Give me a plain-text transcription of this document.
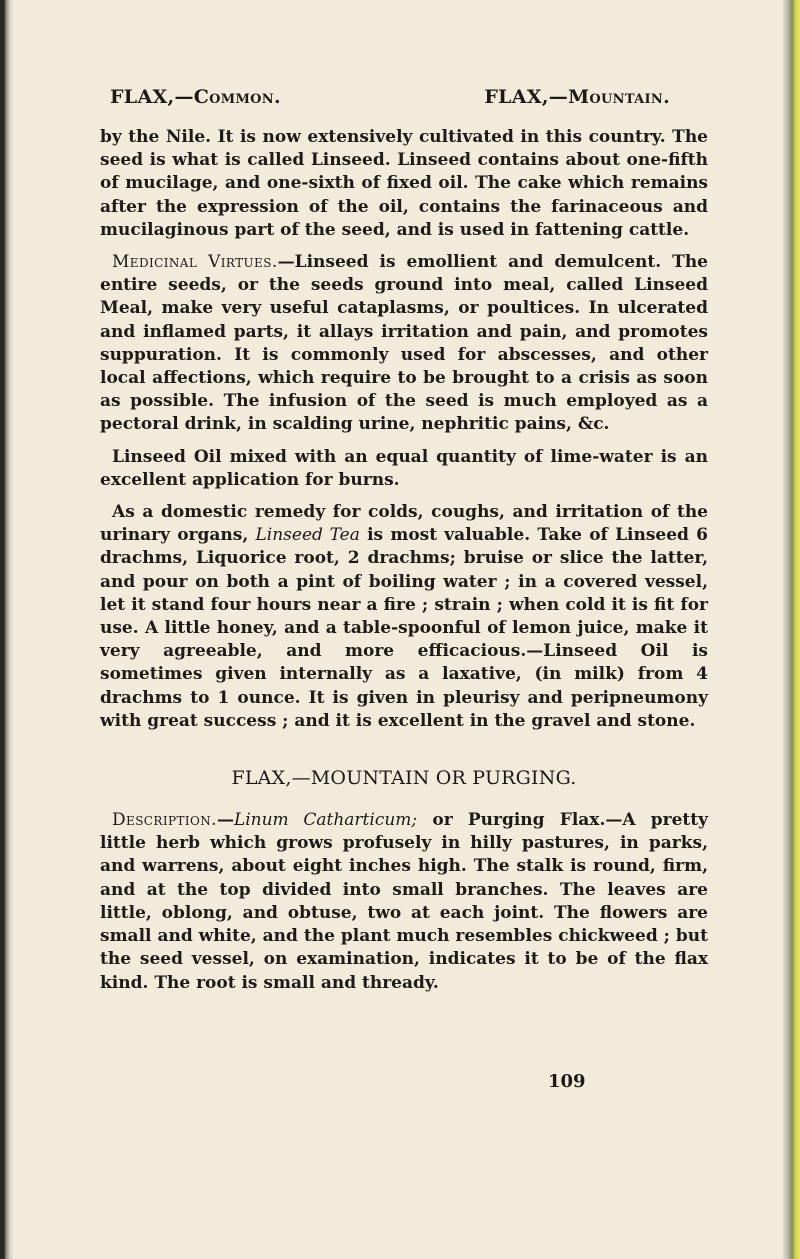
FLAX,—Common.	FLAX,—Mountain.

by the Nile. It is now extensively cultivated in this country. The seed is what is called Linseed. Linseed contains about one-fifth of mucilage, and one-sixth of fixed oil. The cake which remains after the expression of the oil, contains the farinaceous and mucilaginous part of the seed, and is used in fattening cattle.

Medicinal Virtues.—Linseed is emollient and demulcent. The entire seeds, or the seeds ground into meal, called Linseed Meal, make very useful cataplasms, or poultices. In ulcerated and inflamed parts, it allays irritation and pain, and promotes suppuration. It is commonly used for abscesses, and other local affections, which require to be brought to a crisis as soon as possible. The infusion of the seed is much employed as a pectoral drink, in scalding urine, nephritic pains, &c.

Linseed Oil mixed with an equal quantity of lime-water is an excellent application for burns.

As a domestic remedy for colds, coughs, and irritation of the urinary organs, Linseed Tea is most valuable. Take of Linseed 6 drachms, Liquorice root, 2 drachms; bruise or slice the latter, and pour on both a pint of boiling water ; in a covered vessel, let it stand four hours near a fire ; strain ; when cold it is fit for use. A little honey, and a table-spoonful of lemon juice, make it very agreeable, and more efficacious.—Linseed Oil is sometimes given internally as a laxative, (in milk) from 4 drachms to 1 ounce. It is given in pleurisy and peripneumony with great success ; and it is excellent in the gravel and stone.

FLAX,—MOUNTAIN OR PURGING.

Description.—Linum Catharticum; or Purging Flax.—A pretty little herb which grows profusely in hilly pastures, in parks, and warrens, about eight inches high. The stalk is round, firm, and at the top divided into small branches. The leaves are little, oblong, and obtuse, two at each joint. The flowers are small and white, and the plant much resembles chickweed ; but the seed vessel, on examination, indicates it to be of the flax kind. The root is small and thready.

109
